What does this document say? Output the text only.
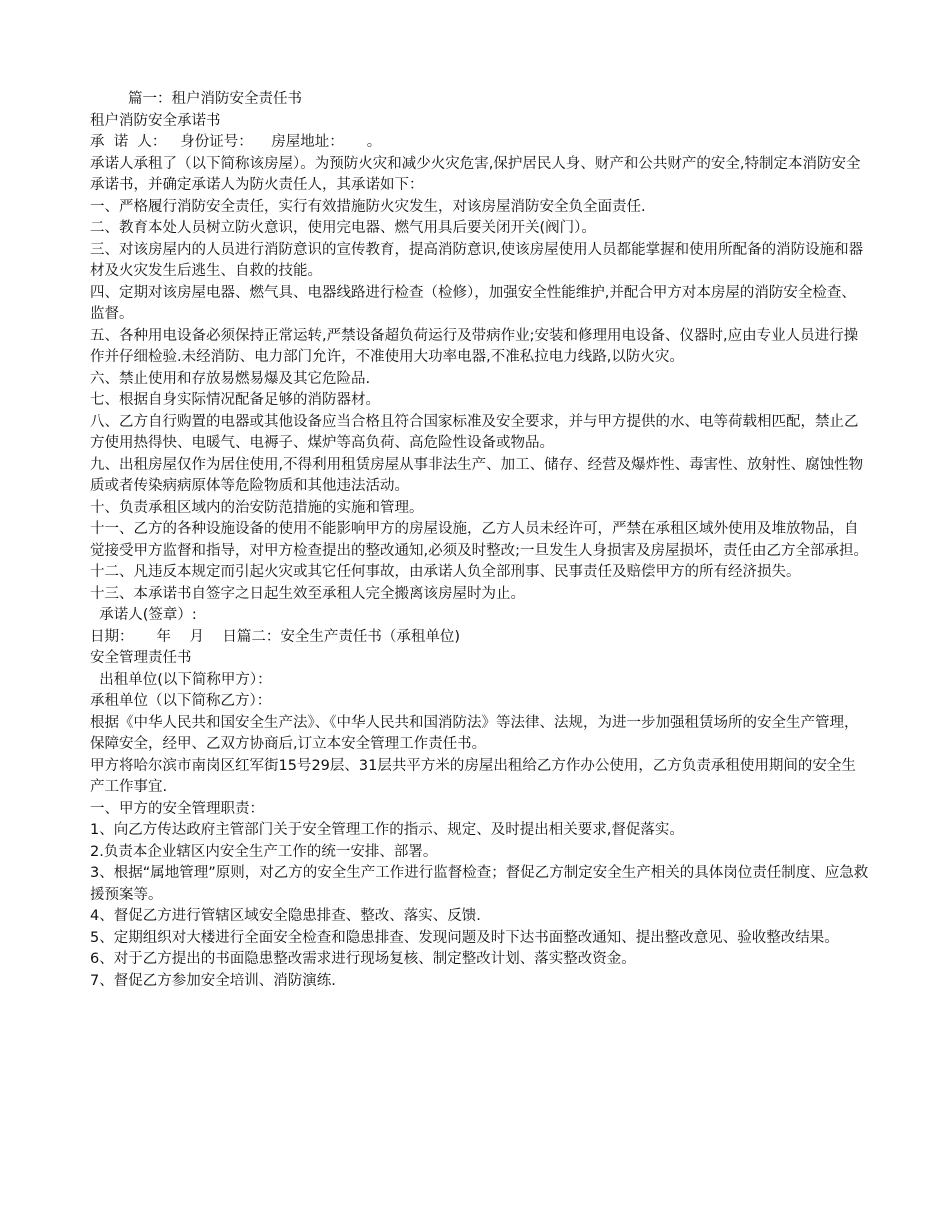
篇一：租户消防安全责任书

租户消防安全承诺书

承  诺  人：   身份证号：    房屋地址：     。

承诺人承租了（以下简称该房屋）。为预防火灾和减少火灾危害,保护居民人身、财产和公共财产的安全,特制定本消防安全承诺书，并确定承诺人为防火责任人，其承诺如下：

一、严格履行消防安全责任，实行有效措施防火灾发生，对该房屋消防安全负全面责任.

二、教育本处人员树立防火意识，使用完电器、燃气用具后要关闭开关(阀门）。

三、对该房屋内的人员进行消防意识的宣传教育，提高消防意识,使该房屋使用人员都能掌握和使用所配备的消防设施和器材及火灾发生后逃生、自救的技能。

四、定期对该房屋电器、燃气具、电器线路进行检查（检修），加强安全性能维护,并配合甲方对本房屋的消防安全检查、监督。

五、各种用电设备必须保持正常运转,严禁设备超负荷运行及带病作业;安装和修理用电设备、仪器时,应由专业人员进行操作并仔细检验.未经消防、电力部门允许，不准使用大功率电器,不准私拉电力线路,以防火灾。

六、禁止使用和存放易燃易爆及其它危险品.

七、根据自身实际情况配备足够的消防器材。

八、乙方自行购置的电器或其他设备应当合格且符合国家标准及安全要求，并与甲方提供的水、电等荷载相匹配，禁止乙方使用热得快、电暖气、电褥子、煤炉等高负荷、高危险性设备或物品。

九、出租房屋仅作为居住使用,不得利用租赁房屋从事非法生产、加工、储存、经营及爆炸性、毒害性、放射性、腐蚀性物质或者传染病病原体等危险物质和其他违法活动。

十、负责承租区域内的治安防范措施的实施和管理。

十一、乙方的各种设施设备的使用不能影响甲方的房屋设施，乙方人员未经许可，严禁在承租区域外使用及堆放物品，自觉接受甲方监督和指导，对甲方检查提出的整改通知,必须及时整改;一旦发生人身损害及房屋损坏，责任由乙方全部承担。

十二、凡违反本规定而引起火灾或其它任何事故，由承诺人负全部刑事、民事责任及赔偿甲方的所有经济损失。

十三、本承诺书自签字之日起生效至承租人完全搬离该房屋时为止。

承诺人(签章）:

日期：     年    月    日篇二：安全生产责任书（承租单位)

安全管理责任书

出租单位(以下简称甲方）：

承租单位（以下简称乙方）：

根据《中华人民共和国安全生产法》、《中华人民共和国消防法》等法律、法规，为进一步加强租赁场所的安全生产管理，保障安全，经甲、乙双方协商后,订立本安全管理工作责任书。

甲方将哈尔滨市南岗区红军街15号29层、31层共平方米的房屋出租给乙方作办公使用，乙方负责承租使用期间的安全生产工作事宜.

一、甲方的安全管理职责：

1、向乙方传达政府主管部门关于安全管理工作的指示、规定、及时提出相关要求,督促落实。

2.负责本企业辖区内安全生产工作的统一安排、部署。

3、根据“属地管理”原则，对乙方的安全生产工作进行监督检查；督促乙方制定安全生产相关的具体岗位责任制度、应急救援预案等。

4、督促乙方进行管辖区域安全隐患排查、整改、落实、反馈.

5、定期组织对大楼进行全面安全检查和隐患排查、发现问题及时下达书面整改通知、提出整改意见、验收整改结果。

6、对于乙方提出的书面隐患整改需求进行现场复核、制定整改计划、落实整改资金。

7、督促乙方参加安全培训、消防演练.
